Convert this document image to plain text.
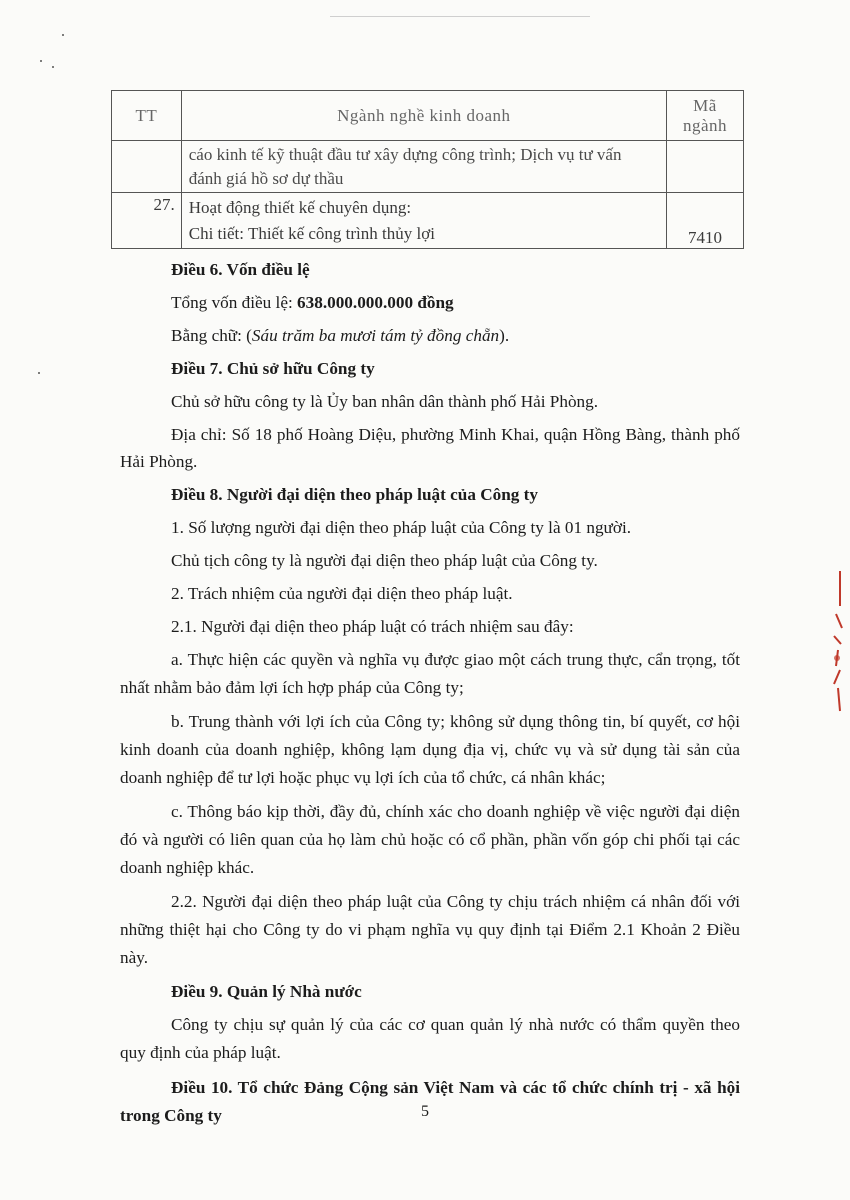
TT	Ngành nghề kinh doanh	Mã
ngành

	cáo kinh tế kỹ thuật đầu tư xây dựng công trình; Dịch vụ tư vấn
đánh giá hồ sơ dự thầu	

27.	Hoạt động thiết kế chuyên dụng:
Chi tiết: Thiết kế công trình thủy lợi	7410

Điều 6. Vốn điều lệ

Tổng vốn điều lệ: 638.000.000.000 đồng

Bằng chữ: (Sáu trăm ba mươi tám tỷ đồng chẵn).

Điều 7. Chủ sở hữu Công ty

Chủ sở hữu công ty là Ủy ban nhân dân thành phố Hải Phòng.

Địa chỉ: Số 18 phố Hoàng Diệu, phường Minh Khai, quận Hồng Bàng, thành phố Hải Phòng.

Điều 8. Người đại diện theo pháp luật của Công ty

1. Số lượng người đại diện theo pháp luật của Công ty là 01 người.

Chủ tịch công ty là người đại diện theo pháp luật của Công ty.

2. Trách nhiệm của người đại diện theo pháp luật.

2.1. Người đại diện theo pháp luật có trách nhiệm sau đây:

a. Thực hiện các quyền và nghĩa vụ được giao một cách trung thực, cẩn trọng, tốt nhất nhằm bảo đảm lợi ích hợp pháp của Công ty;

b. Trung thành với lợi ích của Công ty; không sử dụng thông tin, bí quyết, cơ hội kinh doanh của doanh nghiệp, không lạm dụng địa vị, chức vụ và sử dụng tài sản của doanh nghiệp để tư lợi hoặc phục vụ lợi ích của tổ chức, cá nhân khác;

c. Thông báo kịp thời, đầy đủ, chính xác cho doanh nghiệp về việc người đại diện đó và người có liên quan của họ làm chủ hoặc có cổ phần, phần vốn góp chi phối tại các doanh nghiệp khác.

2.2. Người đại diện theo pháp luật của Công ty chịu trách nhiệm cá nhân đối với những thiệt hại cho Công ty do vi phạm nghĩa vụ quy định tại Điểm 2.1 Khoản 2 Điều này.

Điều 9. Quản lý Nhà nước

Công ty chịu sự quản lý của các cơ quan quản lý nhà nước có thẩm quyền theo quy định của pháp luật.

Điều 10. Tổ chức Đảng Cộng sản Việt Nam và các tổ chức chính trị - xã hội trong Công ty	5
